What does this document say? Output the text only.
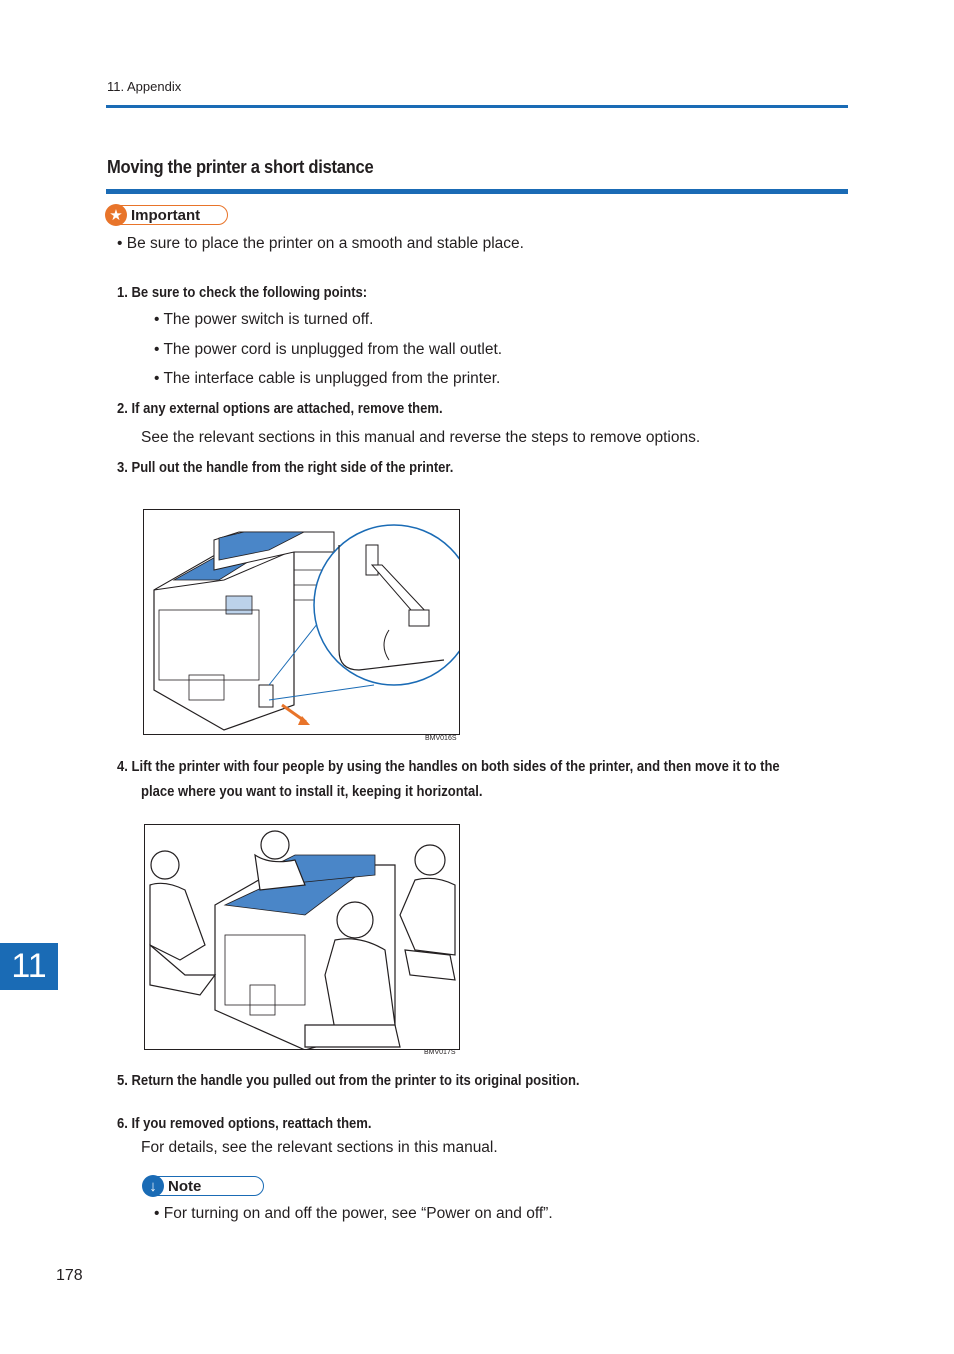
11. Appendix
Moving the printer a short distance
★ Important
• Be sure to place the printer on a smooth and stable place.
1. Be sure to check the following points:
• The power switch is turned off.
• The power cord is unplugged from the wall outlet.
• The interface cable is unplugged from the printer.
2. If any external options are attached, remove them.
See the relevant sections in this manual and reverse the steps to remove options.
3. Pull out the handle from the right side of the printer.
BMV016S
4. Lift the printer with four people by using the handles on both sides of the printer, and then move it to the
place where you want to install it, keeping it horizontal.
BMV017S
11
5. Return the handle you pulled out from the printer to its original position.
6. If you removed options, reattach them.
For details, see the relevant sections in this manual.
↓ Note
• For turning on and off the power, see “Power on and off”.
178
